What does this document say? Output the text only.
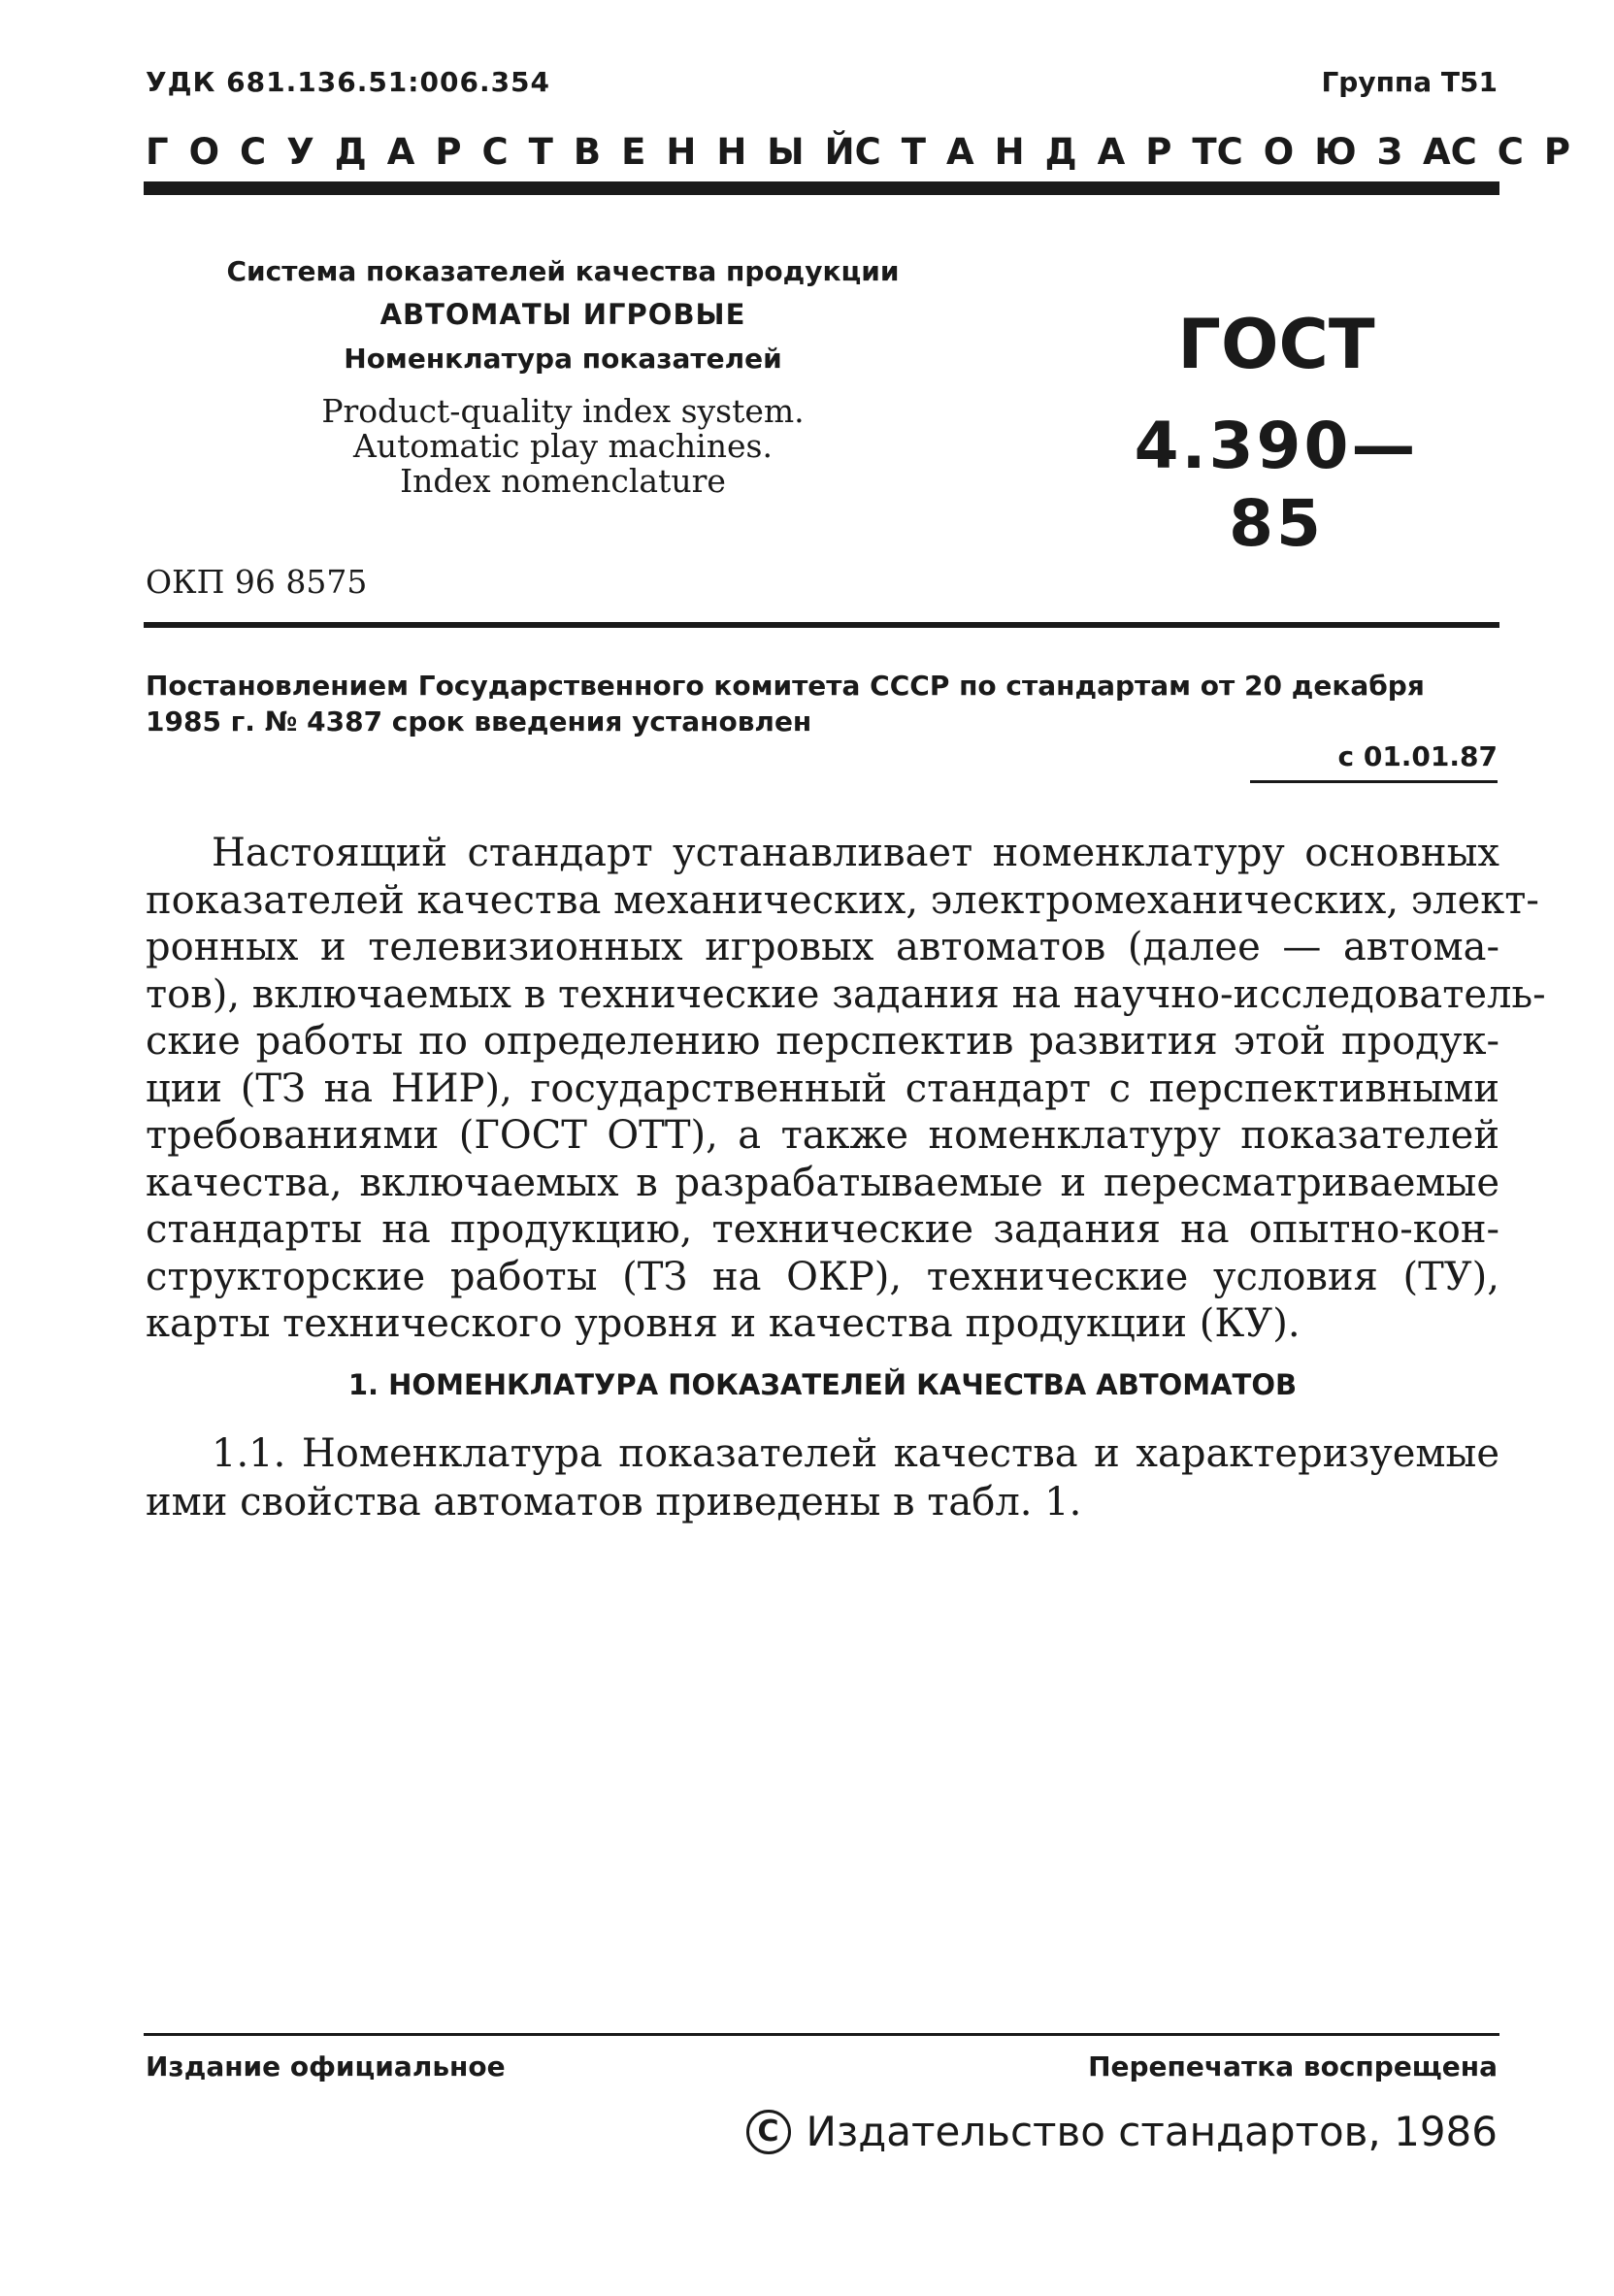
УДК 681.136.51:006.354	Группа Т51
Г О С У Д А Р С Т В Е Н Н Ы Й С Т А Н Д А Р Т С О Ю З А С С Р
Система показателей качества продукции
АВТОМАТЫ ИГРОВЫЕ
Номенклатура показателей
Product-quality index system.
Automatic play machines.
Index nomenclature
ГОСТ
4.390—85
ОКП 96 8575
Постановлением Государственного комитета СССР по стандартам от 20 декабря 1985 г. № 4387 срок введения установлен
с 01.01.87
Настоящий стандарт устанавливает номенклатуру основных
показателей качества механических, электромеханических, элект-
ронных и телевизионных игровых автоматов (далее — автома-
тов), включаемых в технические задания на научно-исследователь-
ские работы по определению перспектив развития этой продук-
ции (ТЗ на НИР), государственный стандарт с перспективными
требованиями (ГОСТ ОТТ), а также номенклатуру показателей
качества, включаемых в разрабатываемые и пересматриваемые
стандарты на продукцию, технические задания на опытно-кон-
структорские работы (ТЗ на ОКР), технические условия (ТУ),
карты технического уровня и качества продукции (КУ).
1. НОМЕНКЛАТУРА ПОКАЗАТЕЛЕЙ КАЧЕСТВА АВТОМАТОВ
1.1. Номенклатура показателей качества и характеризуемые
ими свойства автоматов приведены в табл. 1.
Издание официальное	Перепечатка воспрещена
C Издательство стандартов, 1986
